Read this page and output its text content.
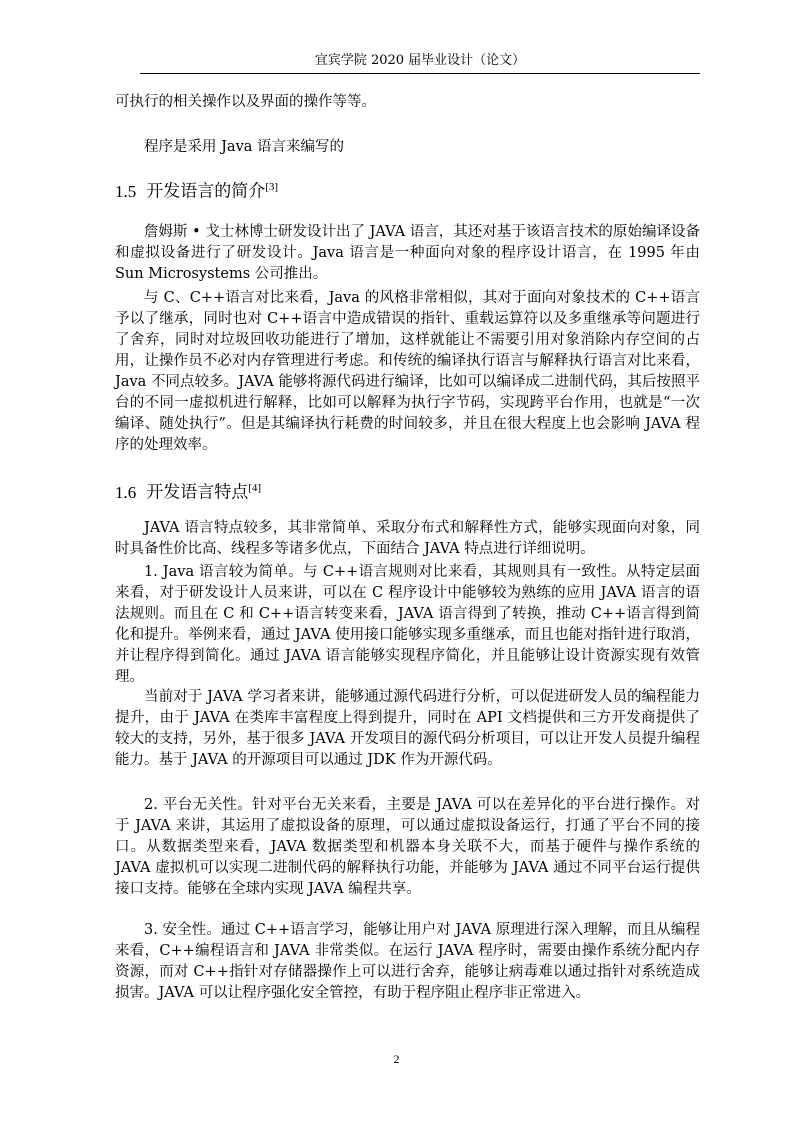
宜宾学院 2020 届毕业设计（论文）

可执行的相关操作以及界面的操作等等。

程序是采用 Java 语言来编写的

1.5 开发语言的简介[3]

詹姆斯 • 戈士林博士研发设计出了 JAVA 语言，其还对基于该语言技术的原始编译设备和虚拟设备进行了研发设计。Java 语言是一种面向对象的程序设计语言，在 1995 年由 Sun Microsystems 公司推出。

与 C、C++语言对比来看，Java 的风格非常相似，其对于面向对象技术的 C++语言予以了继承，同时也对 C++语言中造成错误的指针、重载运算符以及多重继承等问题进行了舍弃，同时对垃圾回收功能进行了增加，这样就能让不需要引用对象消除内存空间的占用，让操作员不必对内存管理进行考虑。和传统的编译执行语言与解释执行语言对比来看，Java 不同点较多。JAVA 能够将源代码进行编译，比如可以编译成二进制代码，其后按照平台的不同一虚拟机进行解释，比如可以解释为执行字节码，实现跨平台作用，也就是“一次编译、随处执行”。但是其编译执行耗费的时间较多，并且在很大程度上也会影响 JAVA 程序的处理效率。

1.6 开发语言特点[4]

JAVA 语言特点较多，其非常简单、采取分布式和解释性方式，能够实现面向对象，同时具备性价比高、线程多等诸多优点，下面结合 JAVA 特点进行详细说明。

1. Java 语言较为简单。与 C++语言规则对比来看，其规则具有一致性。从特定层面来看，对于研发设计人员来讲，可以在 C 程序设计中能够较为熟练的应用 JAVA 语言的语法规则。而且在 C 和 C++语言转变来看，JAVA 语言得到了转换，推动 C++语言得到简化和提升。举例来看，通过 JAVA 使用接口能够实现多重继承，而且也能对指针进行取消，并让程序得到简化。通过 JAVA 语言能够实现程序简化，并且能够让设计资源实现有效管理。

当前对于 JAVA 学习者来讲，能够通过源代码进行分析，可以促进研发人员的编程能力提升，由于 JAVA 在类库丰富程度上得到提升，同时在 API 文档提供和三方开发商提供了较大的支持，另外，基于很多 JAVA 开发项目的源代码分析项目，可以让开发人员提升编程能力。基于 JAVA 的开源项目可以通过 JDK 作为开源代码。

2. 平台无关性。针对平台无关来看，主要是 JAVA 可以在差异化的平台进行操作。对于 JAVA 来讲，其运用了虚拟设备的原理，可以通过虚拟设备运行，打通了平台不同的接口。从数据类型来看，JAVA 数据类型和机器本身关联不大，而基于硬件与操作系统的 JAVA 虚拟机可以实现二进制代码的解释执行功能，并能够为 JAVA 通过不同平台运行提供接口支持。能够在全球内实现 JAVA 编程共享。

3. 安全性。通过 C++语言学习，能够让用户对 JAVA 原理进行深入理解，而且从编程来看，C++编程语言和 JAVA 非常类似。在运行 JAVA 程序时，需要由操作系统分配内存资源，而对 C++指针对存储器操作上可以进行舍弃，能够让病毒难以通过指针对系统造成损害。JAVA 可以让程序强化安全管控，有助于程序阻止程序非正常进入。

2
